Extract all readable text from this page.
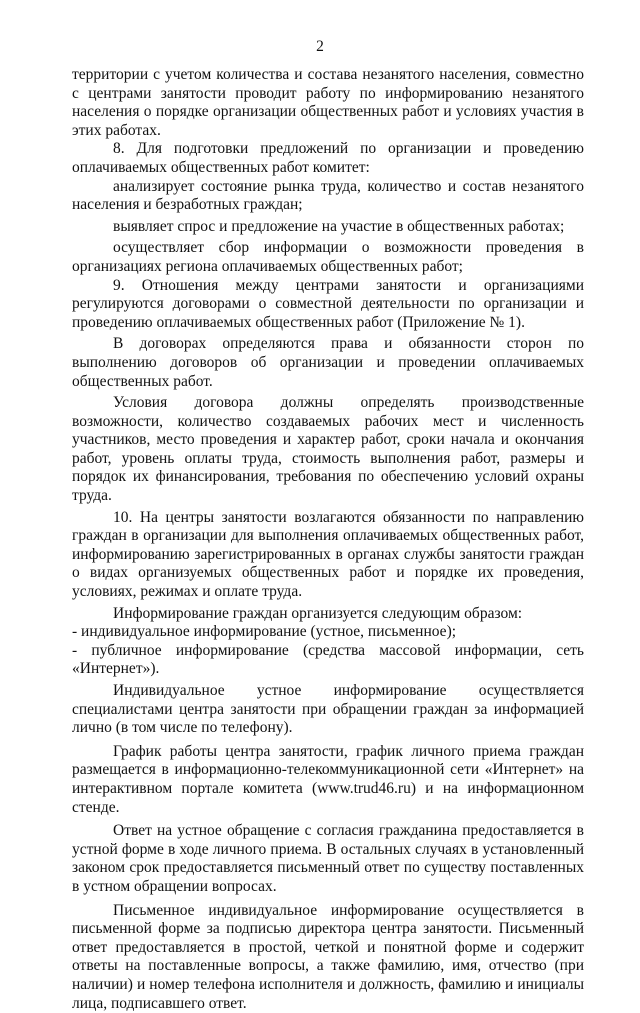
2

территории с учетом количества и состава незанятого населения, совместно с центрами занятости проводит работу по информированию незанятого населения о порядке организации общественных работ и условиях участия в этих работах.

8. Для подготовки предложений по организации и проведению оплачиваемых общественных работ комитет:

анализирует состояние рынка труда, количество и состав незанятого населения и безработных граждан;

выявляет спрос и предложение на участие в общественных работах;

осуществляет сбор информации о возможности проведения в организациях региона оплачиваемых общественных работ;

9. Отношения между центрами занятости и организациями регулируются договорами о совместной деятельности по организации и проведению оплачиваемых общественных работ (Приложение № 1).

В договорах определяются права и обязанности сторон по выполнению договоров об организации и проведении оплачиваемых общественных работ.

Условия договора должны определять производственные возможности, количество создаваемых рабочих мест и численность участников, место проведения и характер работ, сроки начала и окончания работ, уровень оплаты труда, стоимость выполнения работ, размеры и порядок их финансирования, требования по обеспечению условий охраны труда.

10. На центры занятости возлагаются обязанности по направлению граждан в организации для выполнения оплачиваемых общественных работ, информированию зарегистрированных в органах службы занятости граждан о видах организуемых общественных работ и порядке их проведения, условиях, режимах и оплате труда.

Информирование граждан организуется следующим образом:

- индивидуальное информирование (устное, письменное);

- публичное информирование (средства массовой информации, сеть «Интернет»).

Индивидуальное устное информирование осуществляется специалистами центра занятости при обращении граждан за информацией лично (в том числе по телефону).

График работы центра занятости, график личного приема граждан размещается в информационно-телекоммуникационной сети «Интернет» на интерактивном портале комитета (www.trud46.ru) и на информационном стенде.

Ответ на устное обращение с согласия гражданина предоставляется в устной форме в ходе личного приема. В остальных случаях в установленный законом срок предоставляется письменный ответ по существу поставленных в устном обращении вопросах.

Письменное индивидуальное информирование осуществляется в письменной форме за подписью директора центра занятости. Письменный ответ предоставляется в простой, четкой и понятной форме и содержит ответы на поставленные вопросы, а также фамилию, имя, отчество (при наличии) и номер телефона исполнителя и должность, фамилию и инициалы лица, подписавшего ответ.
